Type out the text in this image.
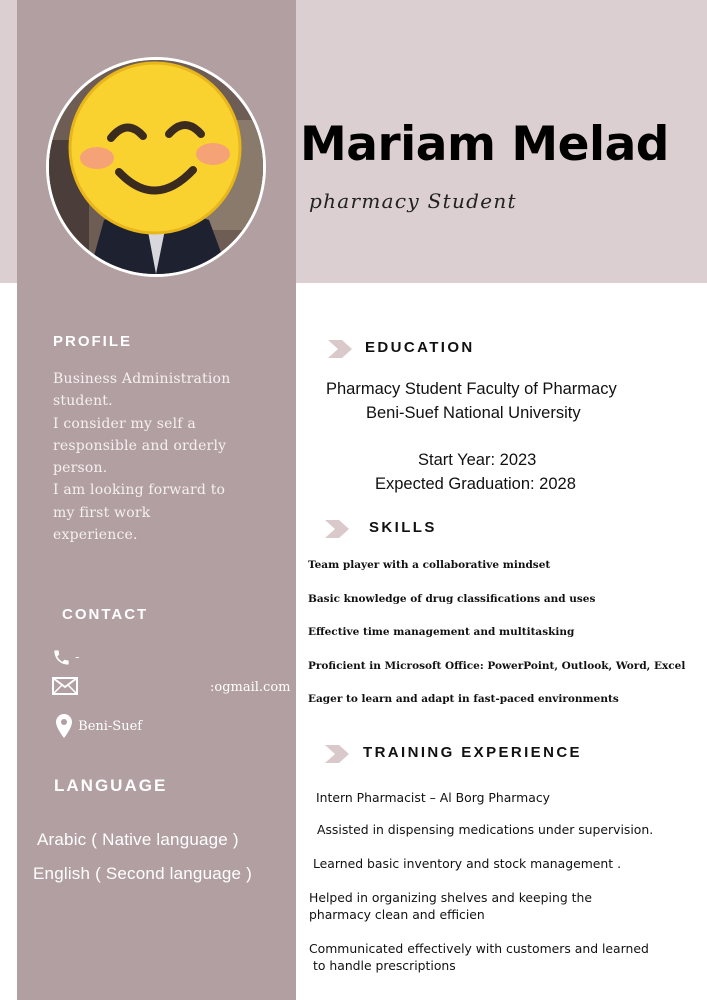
Mariam Melad
pharmacy Student
PROFILE
Business Administration
student.
I consider my self a
responsible and orderly
person.
I am looking forward to
my first work
experience.
CONTACT
-
:ogmail.com
Beni-Suef
LANGUAGE
Arabic ( Native language )
English ( Second language )
EDUCATION
Pharmacy Student Faculty of Pharmacy
Beni-Suef National University
Start Year: 2023
Expected Graduation: 2028
SKILLS
Team player with a collaborative mindset
Basic knowledge of drug classifications and uses
Effective time management and multitasking
Proficient in Microsoft Office: PowerPoint, Outlook, Word, Excel
Eager to learn and adapt in fast-paced environments
TRAINING EXPERIENCE
Intern Pharmacist – Al Borg Pharmacy
Assisted in dispensing medications under supervision.
Learned basic inventory and stock management .
Helped in organizing shelves and keeping the
pharmacy clean and efficien
Communicated effectively with customers and learned
to handle prescriptions
